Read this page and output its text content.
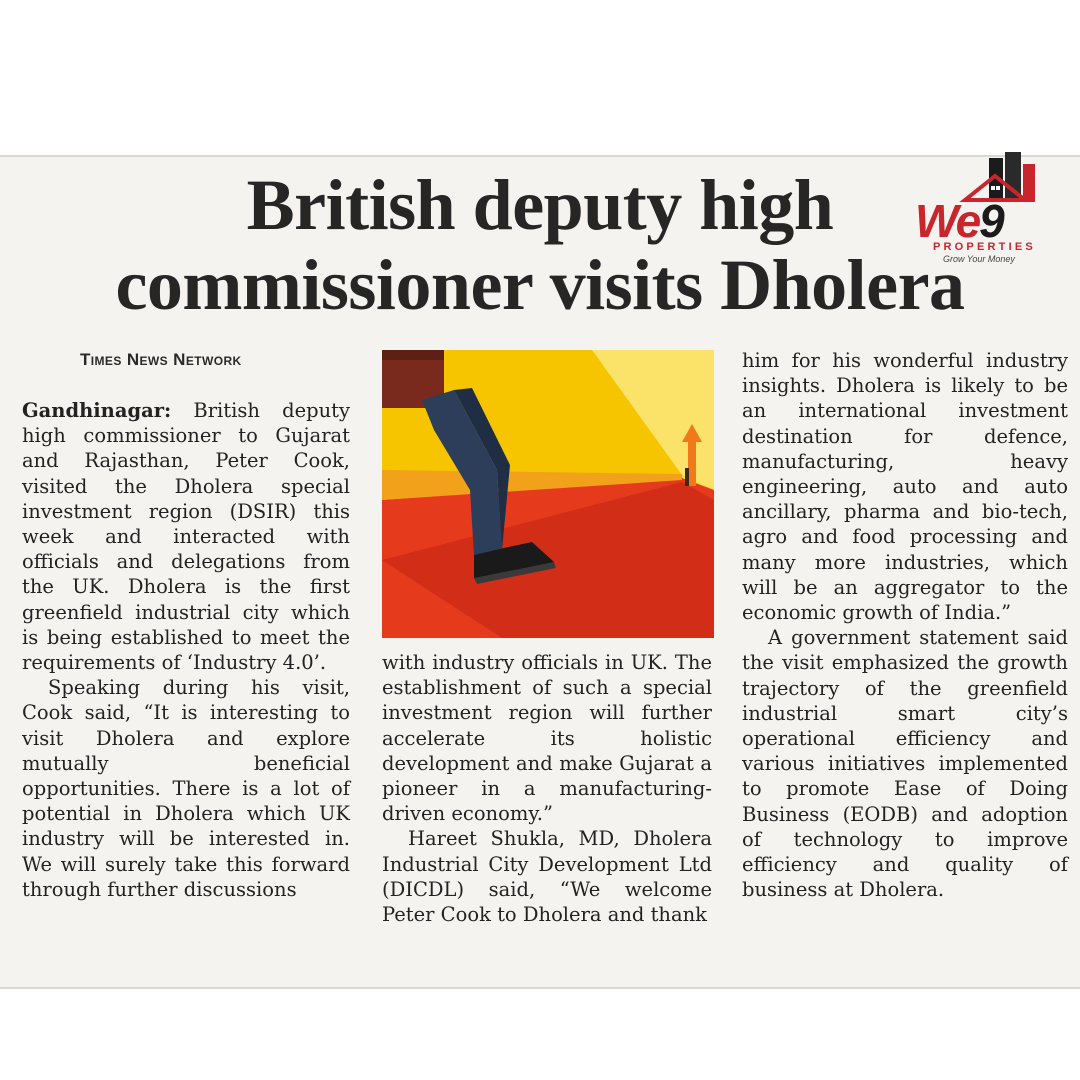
British deputy high
commissioner visits Dholera
Times News Network

Gandhinagar: British deputy high commissioner to Gujarat and Rajasthan, Peter Cook, visited the Dholera special investment region (DSIR) this week and interacted with officials and delegations from the UK. Dholera is the first greenfield industrial city which is being established to meet the requirements of ‘Industry 4.0’.

Speaking during his visit, Cook said, “It is interesting to visit Dholera and explore mutually beneficial opportunities. There is a lot of potential in Dholera which UK industry will be interested in. We will surely take this forward through further discussions

with industry officials in UK. The establishment of such a special investment region will further accelerate its holistic development and make Gujarat a pioneer in a manufacturing-driven economy.”

Hareet Shukla, MD, Dholera Industrial City Development Ltd (DICDL) said, “We welcome Peter Cook to Dholera and thank

him for his wonderful industry insights. Dholera is likely to be an international investment destination for defence, manufacturing, heavy engineering, auto and auto ancillary, pharma and bio-tech, agro and food processing and many more industries, which will be an aggregator to the economic growth of India.”

A government statement said the visit emphasized the growth trajectory of the greenfield industrial smart city’s operational efficiency and various initiatives implemented to promote Ease of Doing Business (EODB) and adoption of technology to improve efficiency and quality of business at Dholera.

We9
PROPERTIES
Grow Your Money
